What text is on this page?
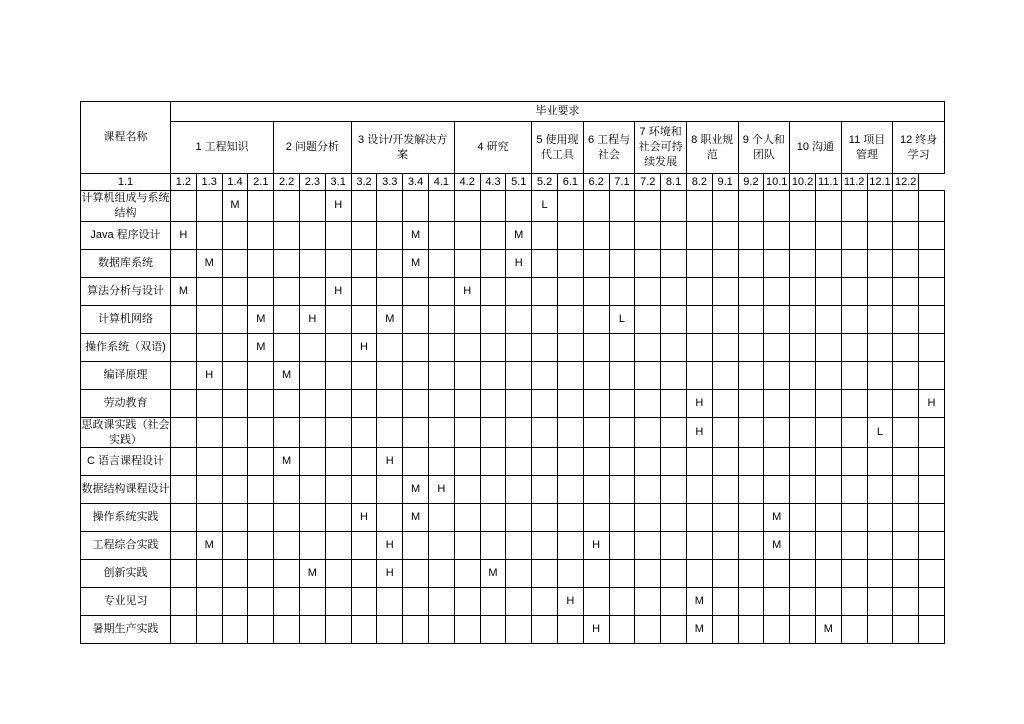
课程名称	毕业要求																													

	1 工程知识				2 问题分析			3 设计/开发解决方案				4 研究			5 使用现代工具		6 工程与社会		7 环境和社会可持续发展		8 职业规范		9 个人和团队		10 沟通		11 项目管理		12 终身学习	

1.1	1.2	1.3	1.4	2.1	2.2	2.3	3.1	3.2	3.3	3.4	4.1	4.2	4.3	5.1	5.2	6.1	6.2	7.1	7.2	8.1	8.2	9.1	9.2	10.1	10.2	11.1	11.2	12.1	12.2	
计算机组成与系统结构			M				H								L															
Java 程序设计	H									M				M																
数据库系统		M								M				H																
算法分析与设计	M						H					H																		
计算机网络				M		H			M									L												
操作系统（双语)				M				H																						
编译原理		H			M																									
劳动教育																					H									H
思政课实践（社会实践）																					H							L		
C 语言课程设计					M				H																					
数据结构课程设计										M	H																			
操作系统实践								H		M														M						
工程综合实践		M							H								H							M						
创新实践						M			H				M																	
专业见习																H					M									
暑期生产实践																	H				M					M				
